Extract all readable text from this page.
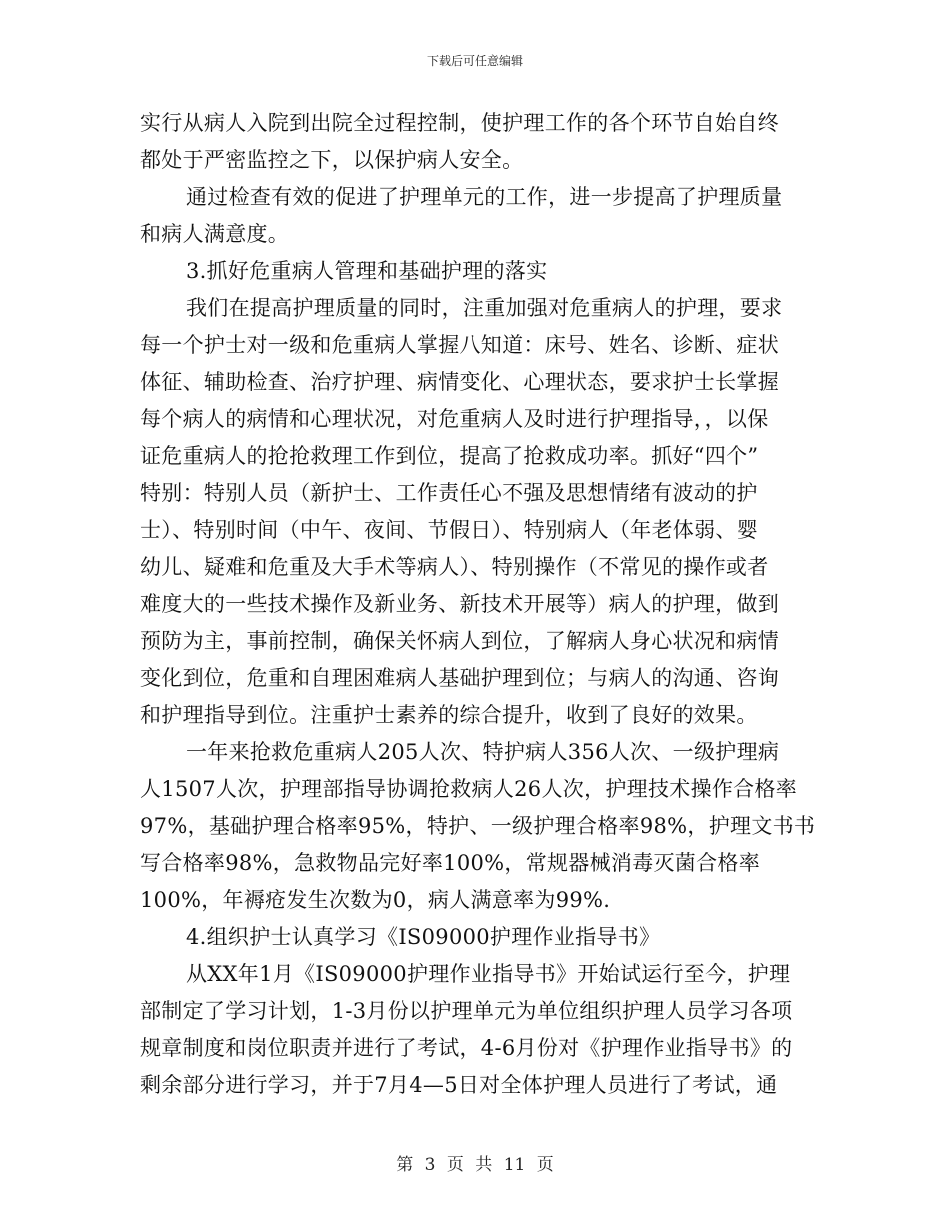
下载后可任意编辑
实行从病人入院到出院全过程控制，使护理工作的各个环节自始自终
都处于严密监控之下，以保护病人安全。
通过检查有效的促进了护理单元的工作，进一步提高了护理质量
和病人满意度。
3.抓好危重病人管理和基础护理的落实
我们在提高护理质量的同时，注重加强对危重病人的护理，要求
每一个护士对一级和危重病人掌握八知道：床号、姓名、诊断、症状
体征、辅助检查、治疗护理、病情变化、心理状态，要求护士长掌握
每个病人的病情和心理状况，对危重病人及时进行护理指导，，以保
证危重病人的抢抢救理工作到位，提高了抢救成功率。抓好“四个”
特别：特别人员（新护士、工作责任心不强及思想情绪有波动的护
士）、特别时间（中午、夜间、节假日）、特别病人（年老体弱、婴
幼儿、疑难和危重及大手术等病人）、特别操作（不常见的操作或者
难度大的一些技术操作及新业务、新技术开展等）病人的护理，做到
预防为主，事前控制，确保关怀病人到位，了解病人身心状况和病情
变化到位，危重和自理困难病人基础护理到位；与病人的沟通、咨询
和护理指导到位。注重护士素养的综合提升，收到了良好的效果。
一年来抢救危重病人205人次、特护病人356人次、一级护理病
人1507人次，护理部指导协调抢救病人26人次，护理技术操作合格率
97%，基础护理合格率95%，特护、一级护理合格率98%，护理文书书
写合格率98%，急救物品完好率100%，常规器械消毒灭菌合格率
100%，年褥疮发生次数为0，病人满意率为99%.
4.组织护士认真学习《IS09000护理作业指导书》
从XX年1月《IS09000护理作业指导书》开始试运行至今，护理
部制定了学习计划，1-3月份以护理单元为单位组织护理人员学习各项
规章制度和岗位职责并进行了考试，4-6月份对《护理作业指导书》的
剩余部分进行学习，并于7月4—5日对全体护理人员进行了考试，通
第 3 页 共 11 页
